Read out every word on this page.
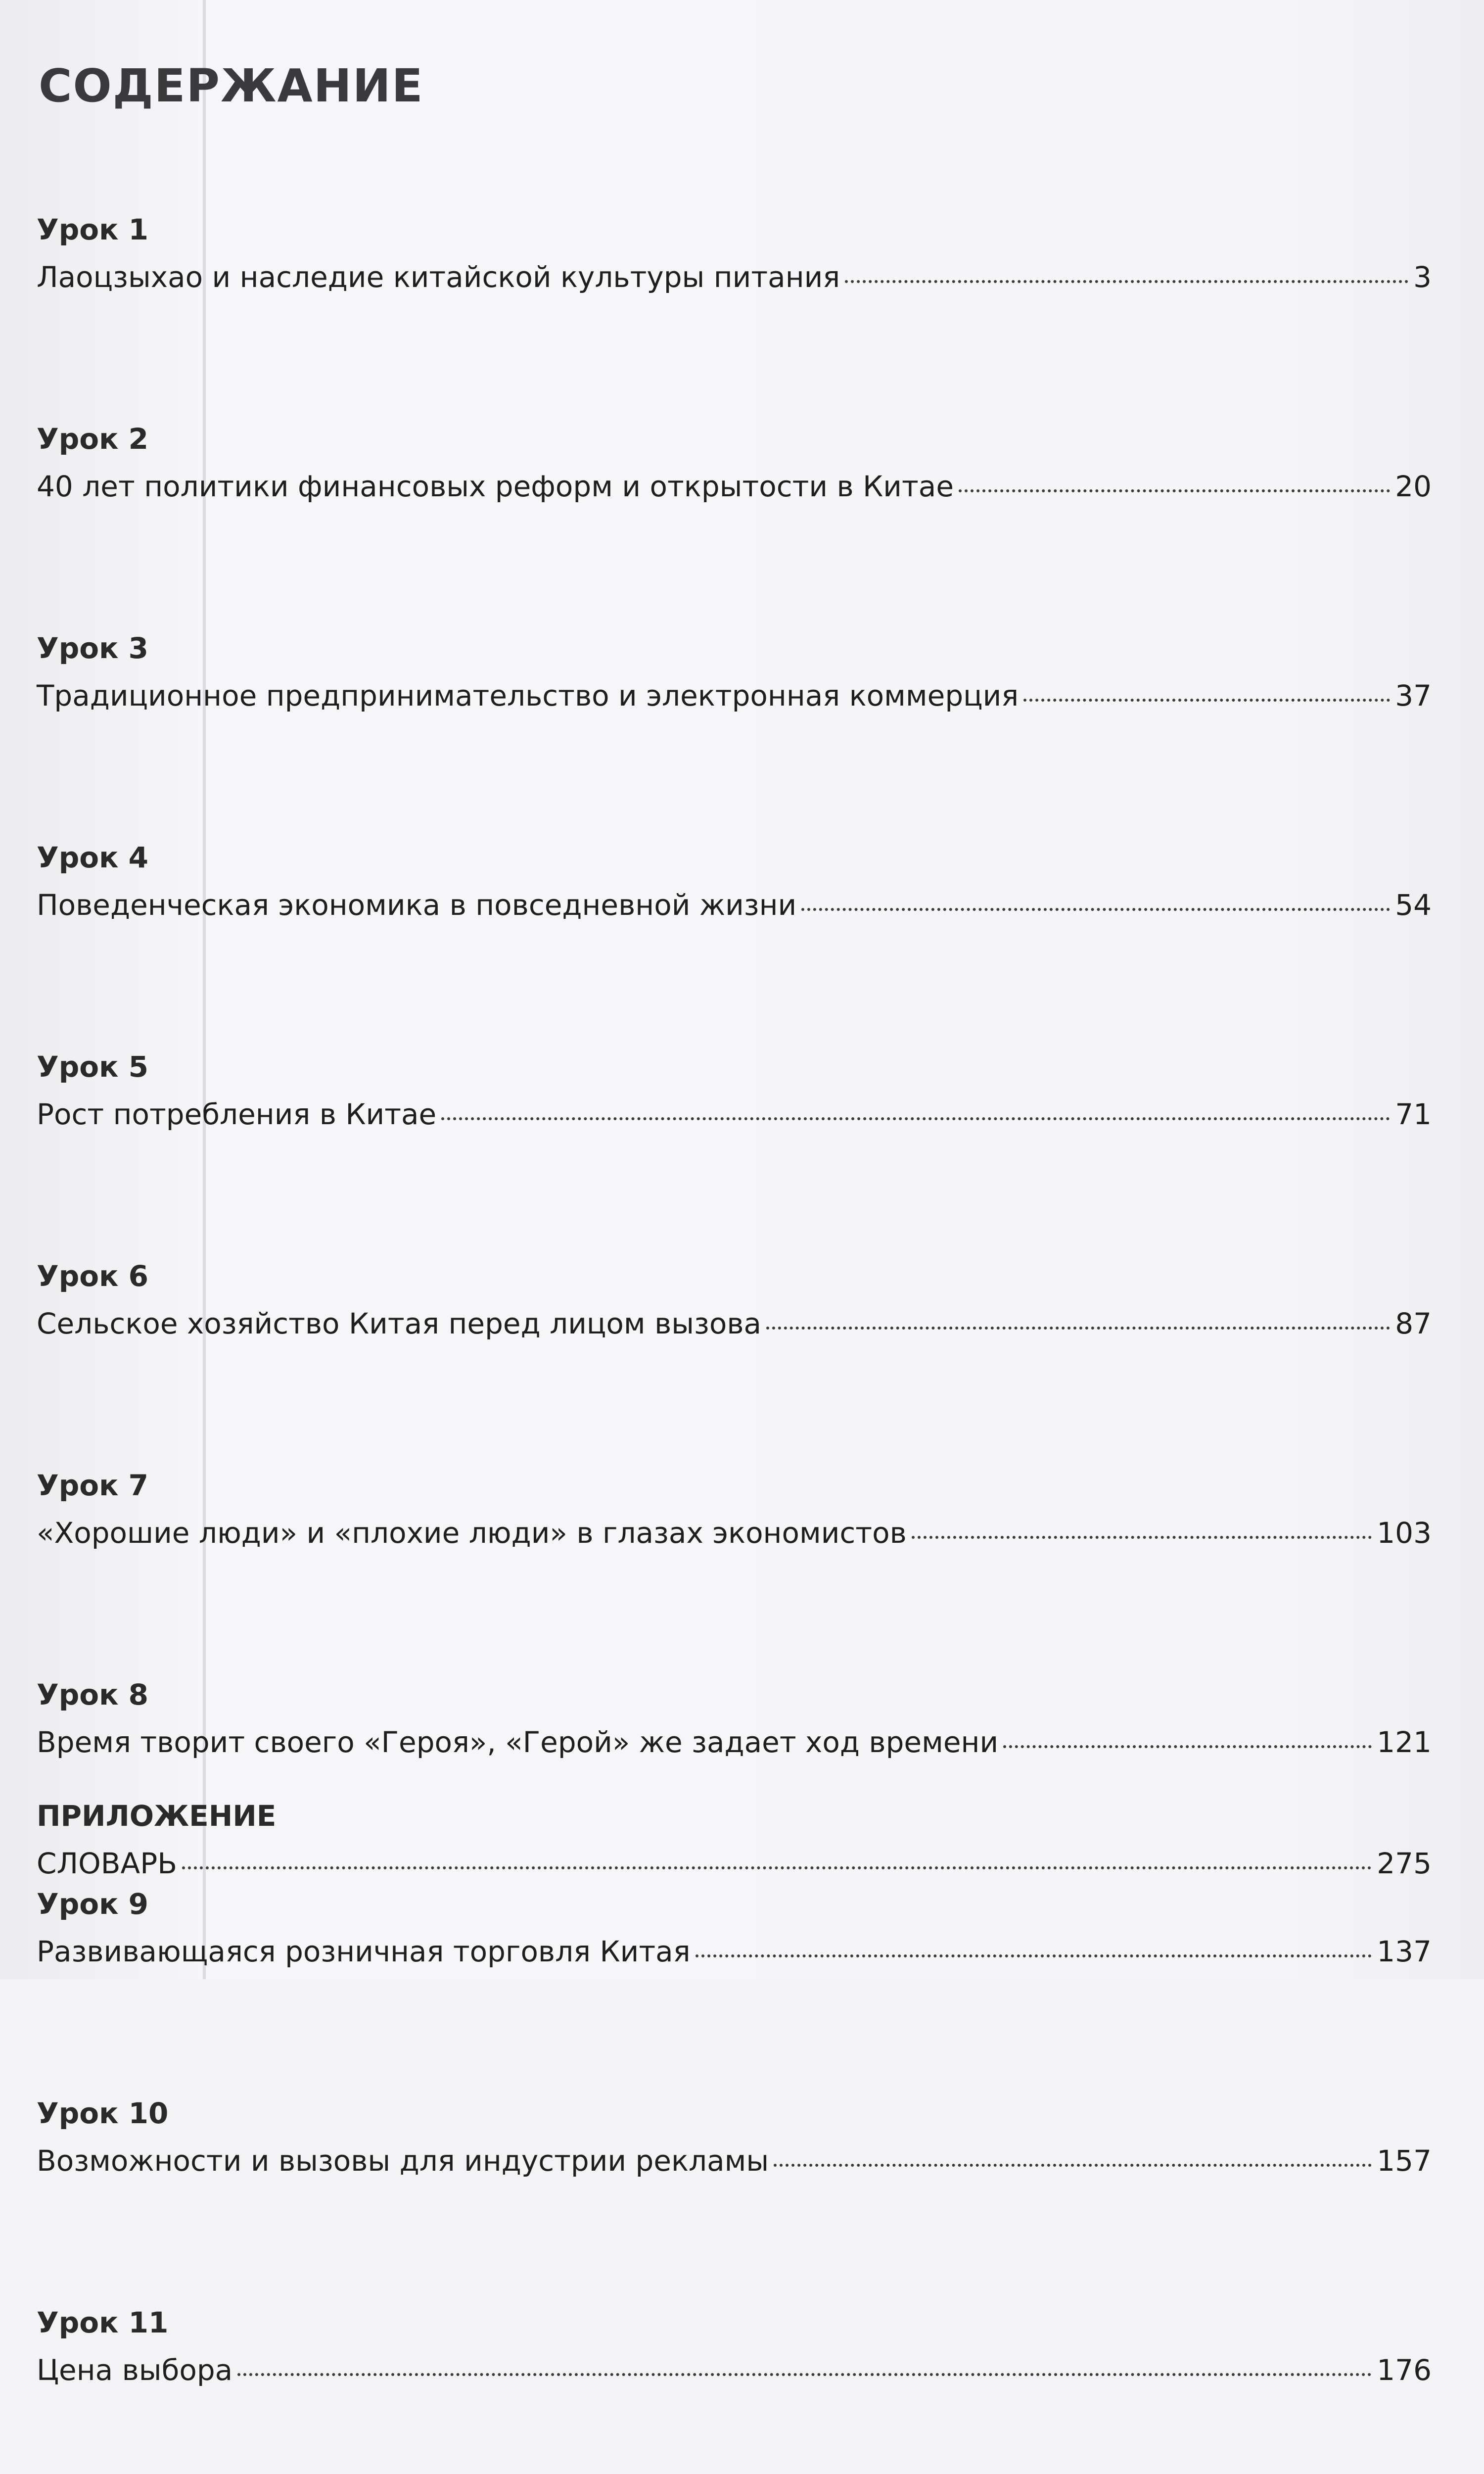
СОДЕРЖАНИЕ
Урок 1
Лаоцзыхао и наследие китайской культуры питания	3
Урок 2
40 лет политики финансовых реформ и открытости в Китае	20
Урок 3
Традиционное предпринимательство и электронная коммерция	37
Урок 4
Поведенческая экономика в повседневной жизни	54
Урок 5
Рост потребления в Китае	71
Урок 6
Сельское хозяйство Китая перед лицом вызова	87
Урок 7
«Хорошие люди» и «плохие люди» в глазах экономистов	103
Урок 8
Время творит своего «Героя», «Герой» же задает ход времени	121
Урок 9
Развивающаяся розничная торговля Китая	137
Урок 10
Возможности и вызовы для индустрии рекламы	157
Урок 11
Цена выбора	176
ПРИЛОЖЕНИЕ
СЛОВАРЬ	275
